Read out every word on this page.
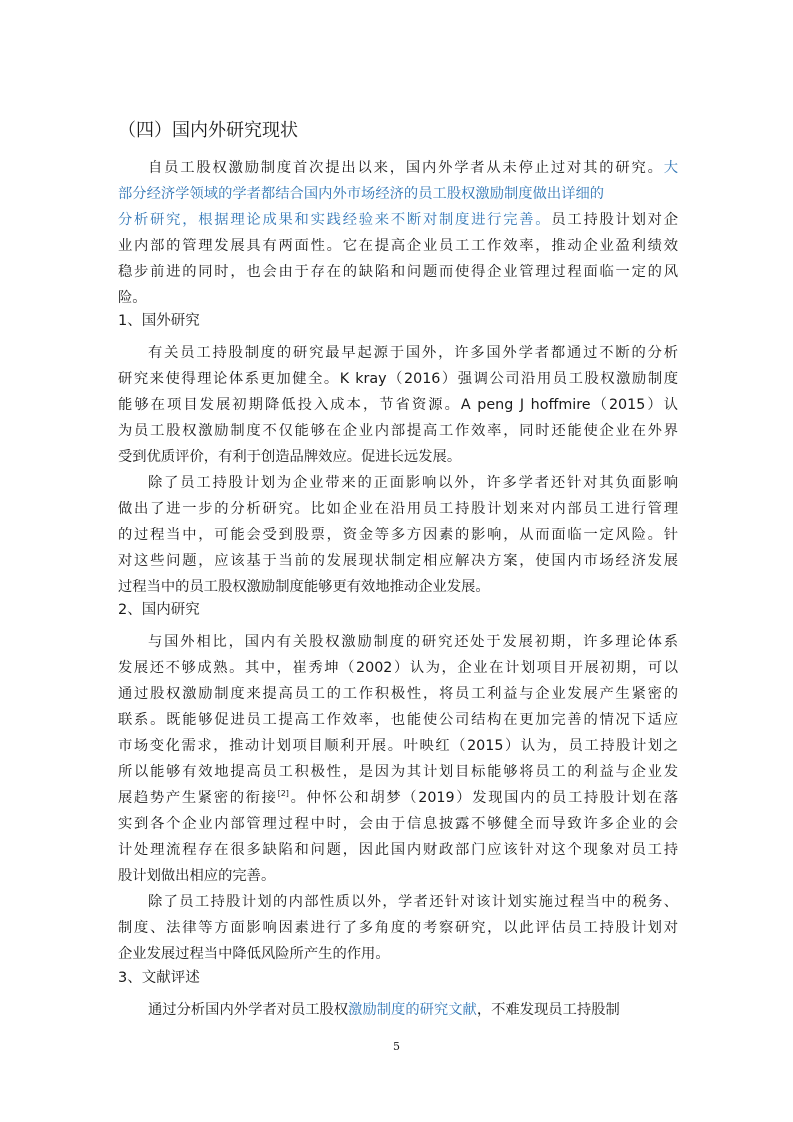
（四）国内外研究现状
自员工股权激励制度首次提出以来，国内外学者从未停止过对其的研究。大
部分经济学领域的学者都结合国内外市场经济的员工股权激励制度做出详细的
分析研究，根据理论成果和实践经验来不断对制度进行完善。员工持股计划对企
业内部的管理发展具有两面性。它在提高企业员工工作效率，推动企业盈利绩效
稳步前进的同时，也会由于存在的缺陷和问题而使得企业管理过程面临一定的风
险。
1、国外研究
有关员工持股制度的研究最早起源于国外，许多国外学者都通过不断的分析
研究来使得理论体系更加健全。K kray（2016）强调公司沿用员工股权激励制度
能够在项目发展初期降低投入成本，节省资源。A peng J hoffmire（2015）认
为员工股权激励制度不仅能够在企业内部提高工作效率，同时还能使企业在外界
受到优质评价，有利于创造品牌效应。促进长远发展。
除了员工持股计划为企业带来的正面影响以外，许多学者还针对其负面影响
做出了进一步的分析研究。比如企业在沿用员工持股计划来对内部员工进行管理
的过程当中，可能会受到股票，资金等多方因素的影响，从而面临一定风险。针
对这些问题，应该基于当前的发展现状制定相应解决方案，使国内市场经济发展
过程当中的员工股权激励制度能够更有效地推动企业发展。
2、国内研究
与国外相比，国内有关股权激励制度的研究还处于发展初期，许多理论体系
发展还不够成熟。其中，崔秀坤（2002）认为，企业在计划项目开展初期，可以
通过股权激励制度来提高员工的工作积极性，将员工利益与企业发展产生紧密的
联系。既能够促进员工提高工作效率，也能使公司结构在更加完善的情况下适应
市场变化需求，推动计划项目顺利开展。叶映红（2015）认为，员工持股计划之
所以能够有效地提高员工积极性，是因为其计划目标能够将员工的利益与企业发
展趋势产生紧密的衔接[2]。仲怀公和胡梦（2019）发现国内的员工持股计划在落
实到各个企业内部管理过程中时，会由于信息披露不够健全而导致许多企业的会
计处理流程存在很多缺陷和问题，因此国内财政部门应该针对这个现象对员工持
股计划做出相应的完善。
除了员工持股计划的内部性质以外，学者还针对该计划实施过程当中的税务、
制度、法律等方面影响因素进行了多角度的考察研究，以此评估员工持股计划对
企业发展过程当中降低风险所产生的作用。
3、文献评述
通过分析国内外学者对员工股权激励制度的研究文献，不难发现员工持股制
5
